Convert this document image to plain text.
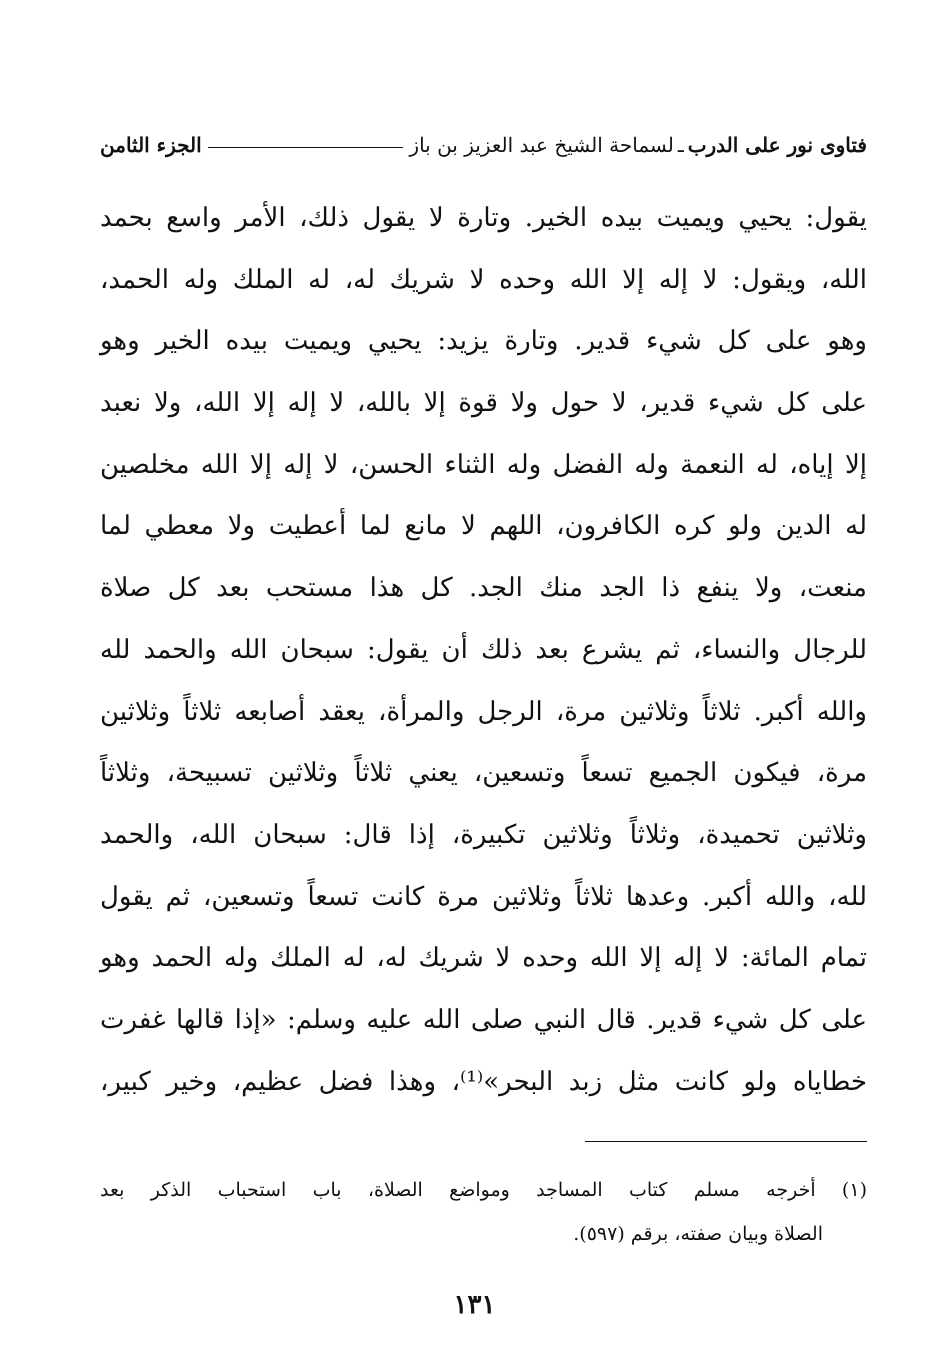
فتاوى نور على الدرب
ـ
لسماحة الشيخ عبد العزيز بن باز
الجزء الثامن
يقول: يحيي ويميت بيده الخير. وتارة لا يقول ذلك، الأمر واسع بحمد
الله، ويقول: لا إله إلا الله وحده لا شريك له، له الملك وله الحمد،
وهو على كل شيء قدير. وتارة يزيد: يحيي ويميت بيده الخير وهو
على كل شيء قدير، لا حول ولا قوة إلا بالله، لا إله إلا الله، ولا نعبد
إلا إياه، له النعمة وله الفضل وله الثناء الحسن، لا إله إلا الله مخلصين
له الدين ولو كره الكافرون، اللهم لا مانع لما أعطيت ولا معطي لما
منعت، ولا ينفع ذا الجد منك الجد. كل هذا مستحب بعد كل صلاة
للرجال والنساء، ثم يشرع بعد ذلك أن يقول: سبحان الله والحمد لله
والله أكبر. ثلاثاً وثلاثين مرة، الرجل والمرأة، يعقد أصابعه ثلاثاً وثلاثين
مرة، فيكون الجميع تسعاً وتسعين، يعني ثلاثاً وثلاثين تسبيحة، وثلاثاً
وثلاثين تحميدة، وثلاثاً وثلاثين تكبيرة، إذا قال: سبحان الله، والحمد
لله، والله أكبر. وعدها ثلاثاً وثلاثين مرة كانت تسعاً وتسعين، ثم يقول
تمام المائة: لا إله إلا الله وحده لا شريك له، له الملك وله الحمد وهو
على كل شيء قدير. قال النبي صلى الله عليه وسلم: «إذا قالها غفرت
خطاياه ولو كانت مثل زبد البحر»⁽¹⁾، وهذا فضل عظيم، وخير كبير،
(١) أخرجه مسلم كتاب المساجد ومواضع الصلاة، باب استحباب الذكر بعد
الصلاة وبيان صفته، برقم (٥٩٧).
١٣١
